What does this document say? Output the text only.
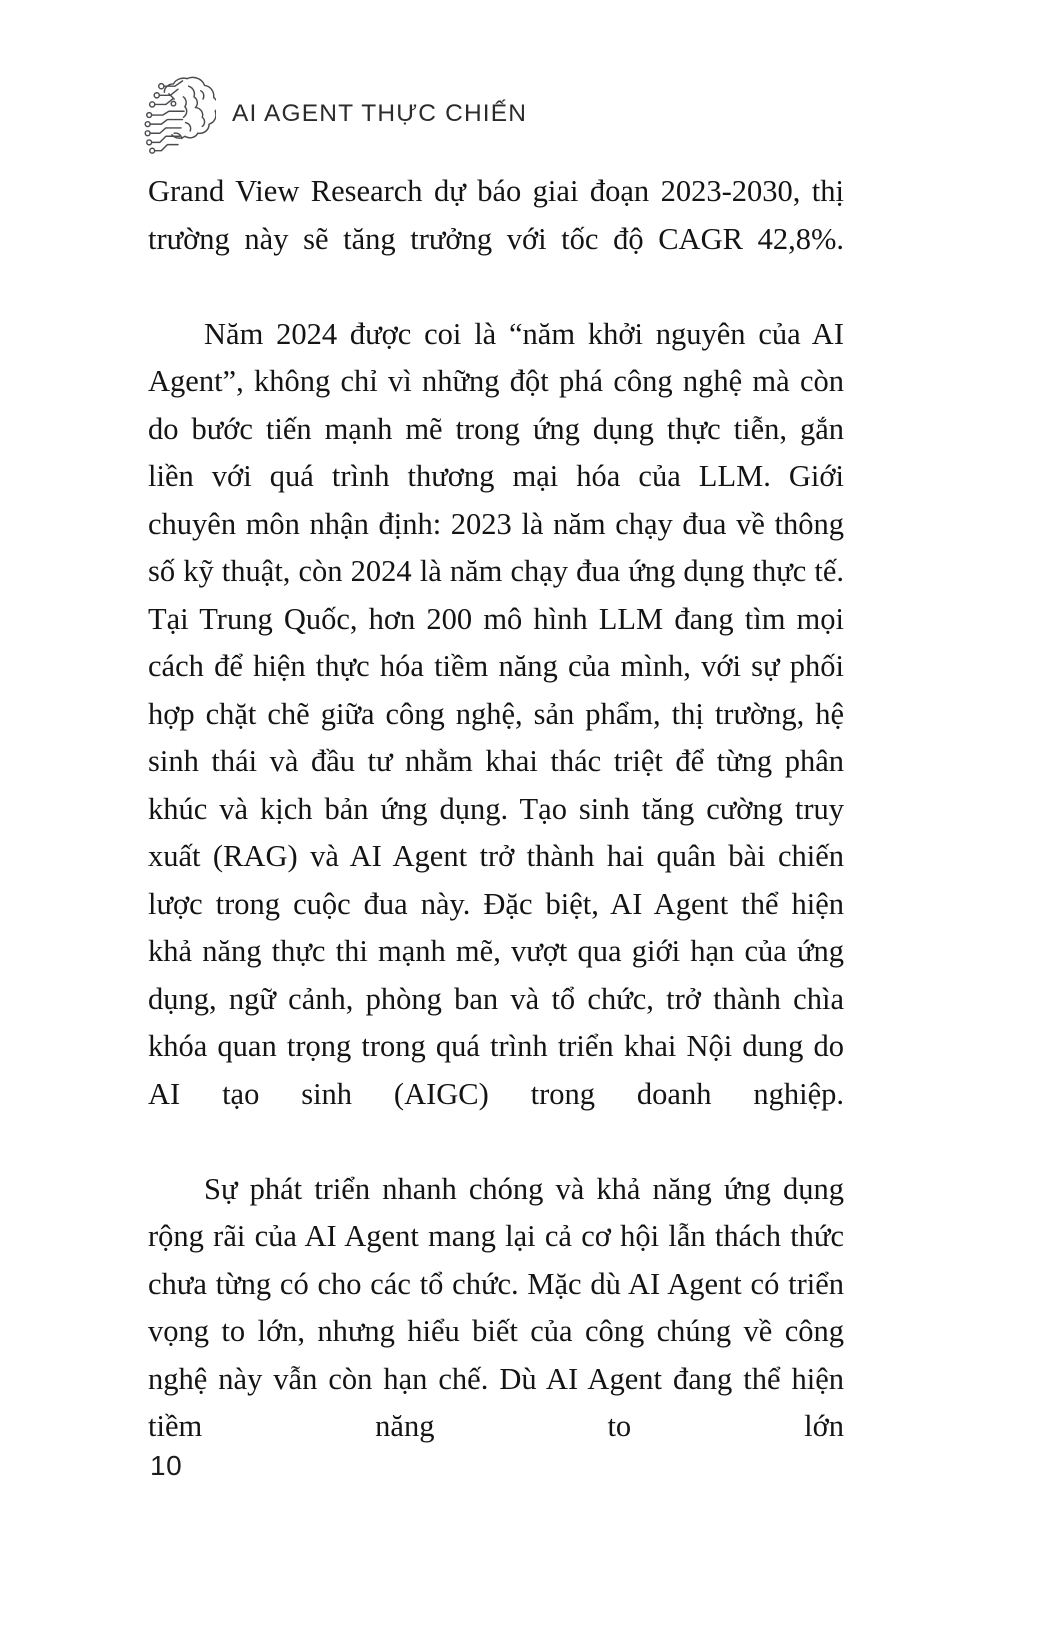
AI AGENT THỰC CHIẾN

Grand View Research dự báo giai đoạn 2023-2030, thị trường này sẽ tăng trưởng với tốc độ CAGR 42,8%.

Năm 2024 được coi là “năm khởi nguyên của AI Agent”, không chỉ vì những đột phá công nghệ mà còn do bước tiến mạnh mẽ trong ứng dụng thực tiễn, gắn liền với quá trình thương mại hóa của LLM. Giới chuyên môn nhận định: 2023 là năm chạy đua về thông số kỹ thuật, còn 2024 là năm chạy đua ứng dụng thực tế. Tại Trung Quốc, hơn 200 mô hình LLM đang tìm mọi cách để hiện thực hóa tiềm năng của mình, với sự phối hợp chặt chẽ giữa công nghệ, sản phẩm, thị trường, hệ sinh thái và đầu tư nhằm khai thác triệt để từng phân khúc và kịch bản ứng dụng. Tạo sinh tăng cường truy xuất (RAG) và AI Agent trở thành hai quân bài chiến lược trong cuộc đua này. Đặc biệt, AI Agent thể hiện khả năng thực thi mạnh mẽ, vượt qua giới hạn của ứng dụng, ngữ cảnh, phòng ban và tổ chức, trở thành chìa khóa quan trọng trong quá trình triển khai Nội dung do AI tạo sinh (AIGC) trong doanh nghiệp.

Sự phát triển nhanh chóng và khả năng ứng dụng rộng rãi của AI Agent mang lại cả cơ hội lẫn thách thức chưa từng có cho các tổ chức. Mặc dù AI Agent có triển vọng to lớn, nhưng hiểu biết của công chúng về công nghệ này vẫn còn hạn chế. Dù AI Agent đang thể hiện tiềm năng to lớn

10
